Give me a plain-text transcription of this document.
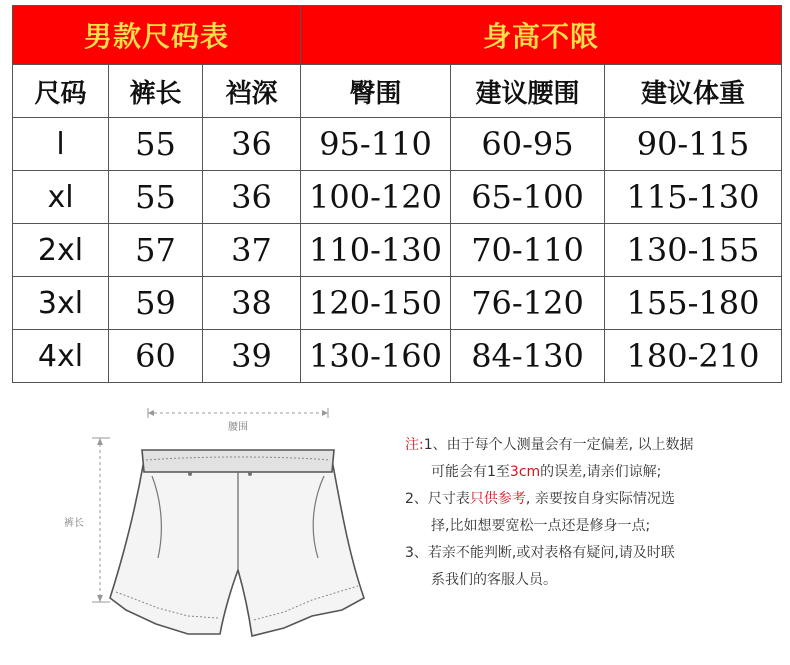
男款尺码表			身高不限		
尺码	裤长	裆深	臀围	建议腰围	建议体重
l	55	36	95-110	60-95	90-115
xl	55	36	100-120	65-100	115-130
2xl	57	37	110-130	70-110	130-155
3xl	59	38	120-150	76-120	155-180
4xl	60	39	130-160	84-130	180-210
腰围
裤长
注:1、由于每个人测量会有一定偏差, 以上数据
可能会有1至3cm的误差,请亲们谅解;
2、尺寸表只供参考, 亲要按自身实际情况选
择,比如想要宽松一点还是修身一点;
3、若亲不能判断,或对表格有疑问,请及时联
系我们的客服人员。
